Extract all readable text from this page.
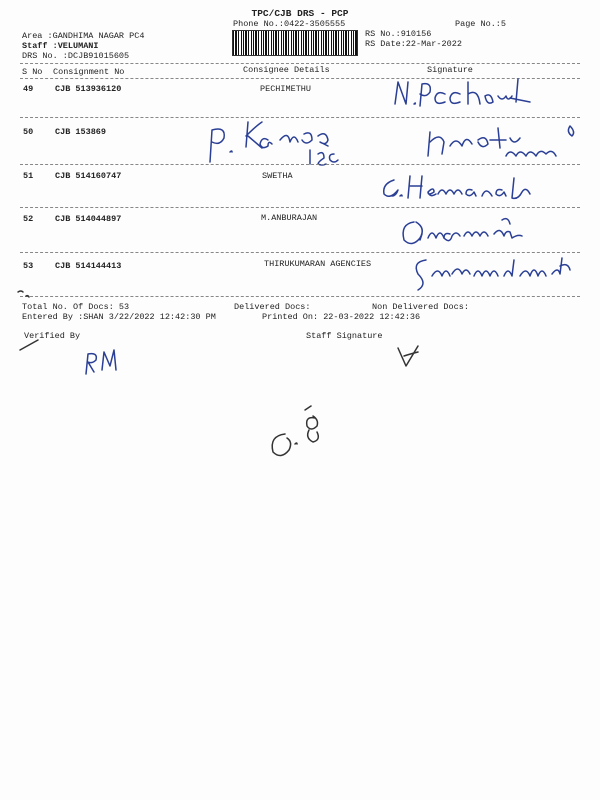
TPC/CJB DRS - PCP
Phone No.:0422-3505555	Page No.:5
Area :GANDHIMA NAGAR PC4
Staff :VELUMANI
DRS No. :DCJB91015605
RS No.:910156
RS Date:22-Mar-2022
S No Consignment No	Consignee Details	Signature
49	CJB 513936120	PECHIMETHU
50	CJB 153869
51	CJB 514160747	SWETHA
52	CJB 514044897	M.ANBURAJAN
53	CJB 514144413	THIRUKUMARAN AGENCIES
Total No. Of Docs: 53	Delivered Docs:	Non Delivered Docs:
Entered By :SHAN 3/22/2022 12:42:30 PM	Printed On: 22-03-2022 12:42:36
Verified By	Staff Signature
